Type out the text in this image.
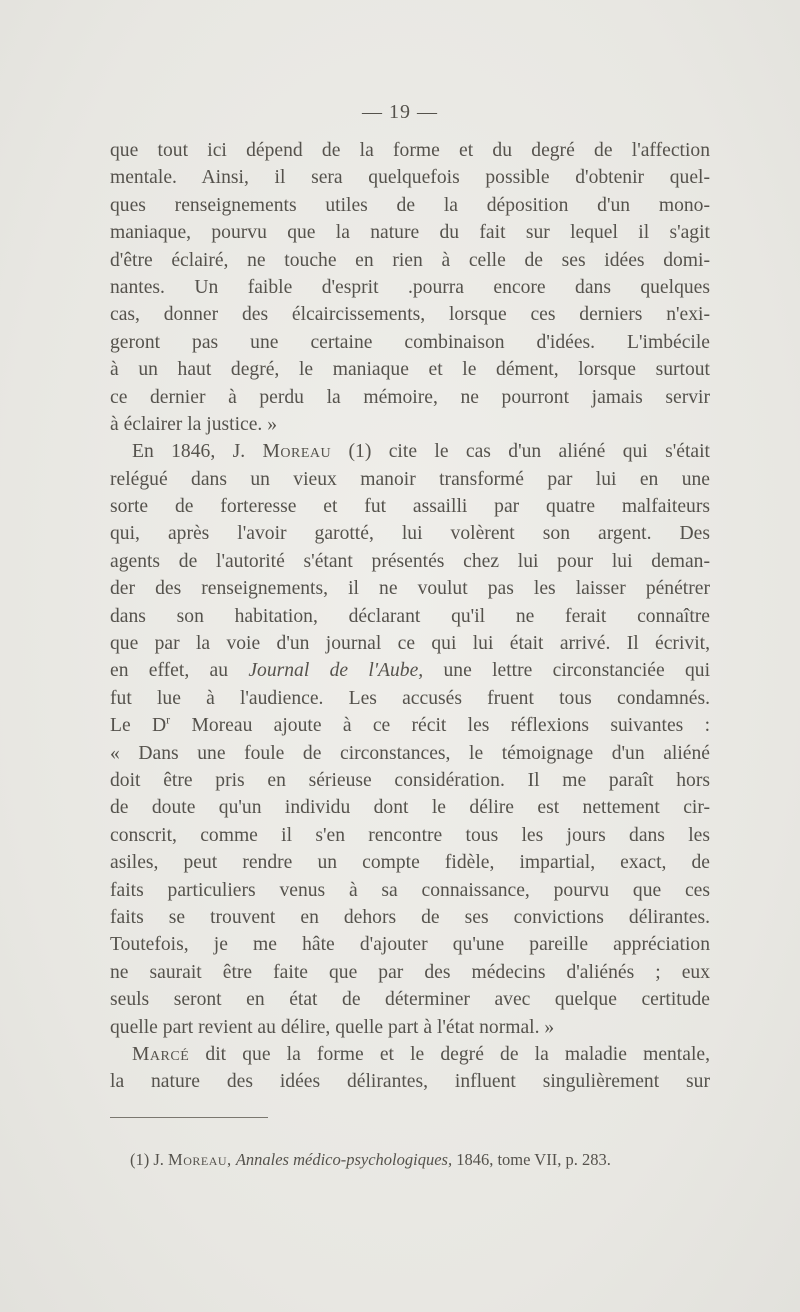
— 19 —
que tout ici dépend de la forme et du degré de l'affection
mentale. Ainsi, il sera quelquefois possible d'obtenir quel-
ques renseignements utiles de la déposition d'un mono-
maniaque, pourvu que la nature du fait sur lequel il s'agit
d'être éclairé, ne touche en rien à celle de ses idées domi-
nantes. Un faible d'esprit .pourra encore dans quelques
cas, donner des élcaircissements, lorsque ces derniers n'exi-
geront pas une certaine combinaison d'idées. L'imbécile
à un haut degré, le maniaque et le dément, lorsque surtout
ce dernier à perdu la mémoire, ne pourront jamais servir
à éclairer la justice. »
En 1846, J. Moreau (1) cite le cas d'un aliéné qui s'était
relégué dans un vieux manoir transformé par lui en une
sorte de forteresse et fut assailli par quatre malfaiteurs
qui, après l'avoir garotté, lui volèrent son argent. Des
agents de l'autorité s'étant présentés chez lui pour lui deman-
der des renseignements, il ne voulut pas les laisser pénétrer
dans son habitation, déclarant qu'il ne ferait connaître
que par la voie d'un journal ce qui lui était arrivé. Il écrivit,
en effet, au Journal de l'Aube, une lettre circonstanciée qui
fut lue à l'audience. Les accusés fruent tous condamnés.
Le $D^r$ Moreau ajoute à ce récit les réflexions suivantes :
« Dans une foule de circonstances, le témoignage d'un aliéné
doit être pris en sérieuse considération. Il me paraît hors
de doute qu'un individu dont le délire est nettement cir-
conscrit, comme il s'en rencontre tous les jours dans les
asiles, peut rendre un compte fidèle, impartial, exact, de
faits particuliers venus à sa connaissance, pourvu que ces
faits se trouvent en dehors de ses convictions délirantes.
Toutefois, je me hâte d'ajouter qu'une pareille appréciation
ne saurait être faite que par des médecins d'aliénés ; eux
seuls seront en état de déterminer avec quelque certitude
quelle part revient au délire, quelle part à l'état normal. »
Marcé dit que la forme et le degré de la maladie mentale,
la nature des idées délirantes, influent singulièrement sur
(1) J. Moreau, Annales médico-psychologiques, 1846, tome VII, p. 283.
